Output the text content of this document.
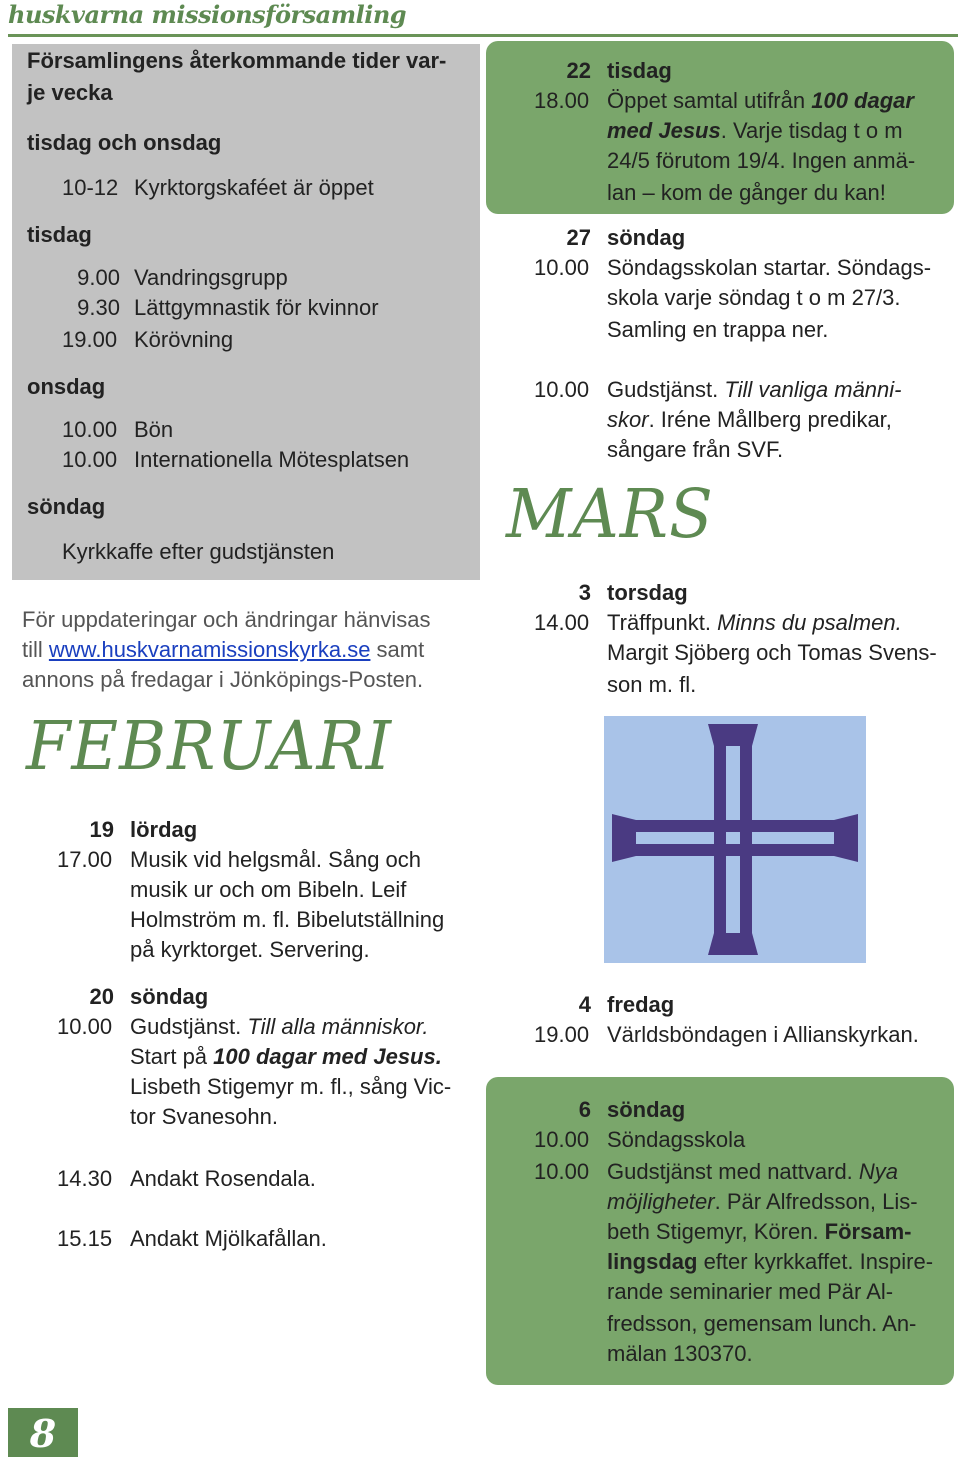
huskvarna missionsförsamling
Församlingens återkommande tider var-
je vecka
tisdag och onsdag
10-12 Kyrktorgskaféet är öppet
tisdag
9.00 Vandringsgrupp
9.30 Lättgymnastik för kvinnor
19.00 Körövning
onsdag
10.00 Bön
10.00 Internationella Mötesplatsen
söndag
Kyrkkaffe efter gudstjänsten
För uppdateringar och ändringar hänvisas
till www.huskvarnamissionskyrka.se samt
annons på fredagar i Jönköpings-Posten.
FEBRUARI
19 lördag
17.00 Musik vid helgsmål. Sång och
musik ur och om Bibeln. Leif
Holmström m. fl. Bibelutställning
på kyrktorget. Servering.
20 söndag
10.00 Gudstjänst. Till alla människor.
Start på 100 dagar med Jesus.
Lisbeth Stigemyr m. fl., sång Vic-
tor Svanesohn.
14.30 Andakt Rosendala.
15.15 Andakt Mjölkafållan.
22 tisdag
18.00 Öppet samtal utifrån 100 dagar
med Jesus. Varje tisdag t o m
24/5 förutom 19/4. Ingen anmä-
lan – kom de gånger du kan!
27 söndag
10.00 Söndagsskolan startar. Söndags-
skola varje söndag t o m 27/3.
Samling en trappa ner.
10.00 Gudstjänst. Till vanliga männi-
skor. Iréne Mållberg predikar,
sångare från SVF.
MARS
3 torsdag
14.00 Träffpunkt. Minns du psalmen.
Margit Sjöberg och Tomas Svens-
son m. fl.
4 fredag
19.00 Världsböndagen i Allianskyrkan.
6 söndag
10.00 Söndagsskola
10.00 Gudstjänst med nattvard. Nya
möjligheter. Pär Alfredsson, Lis-
beth Stigemyr, Kören. Försam-
lingsdag efter kyrkkaffet. Inspire-
rande seminarier med Pär Al-
fredsson, gemensam lunch. An-
mälan 130370.
8
